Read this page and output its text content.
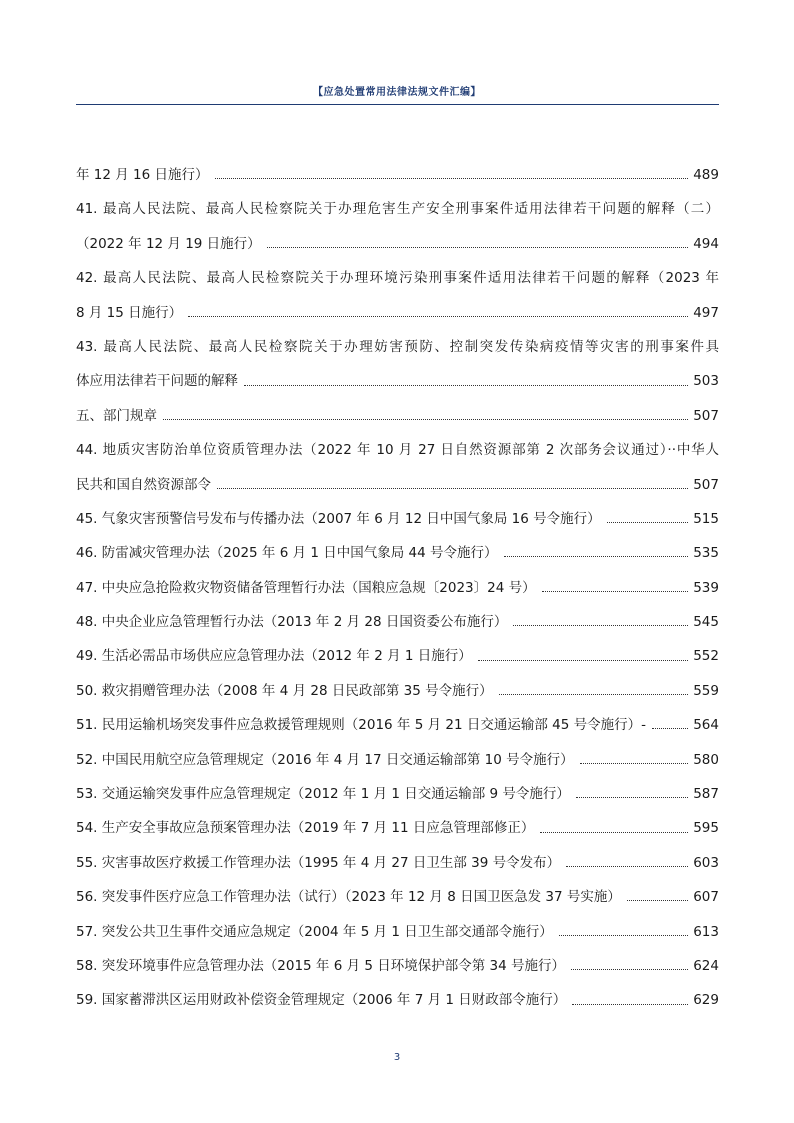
【应急处置常用法律法规文件汇编】
年 12 月 16 日施行）	489
41. 最高人民法院、最高人民检察院关于办理危害生产安全刑事案件适用法律若干问题的解释（二）
（2022 年 12 月 19 日施行）	494
42. 最高人民法院、最高人民检察院关于办理环境污染刑事案件适用法律若干问题的解释（2023 年
8 月 15 日施行）	497
43. 最高人民法院、最高人民检察院关于办理妨害预防、控制突发传染病疫情等灾害的刑事案件具
体应用法律若干问题的解释	503
五、部门规章	507
44. 地质灾害防治单位资质管理办法（2022 年 10 月 27 日自然资源部第 2 次部务会议通过）··中华人
民共和国自然资源部令	507
45. 气象灾害预警信号发布与传播办法（2007 年 6 月 12 日中国气象局 16 号令施行）	515
46. 防雷减灾管理办法（2025 年 6 月 1 日中国气象局 44 号令施行）	535
47. 中央应急抢险救灾物资储备管理暂行办法（国粮应急规〔2023〕24 号）	539
48. 中央企业应急管理暂行办法（2013 年 2 月 28 日国资委公布施行）	545
49. 生活必需品市场供应应急管理办法（2012 年 2 月 1 日施行）	552
50. 救灾捐赠管理办法（2008 年 4 月 28 日民政部第 35 号令施行）	559
51. 民用运输机场突发事件应急救援管理规则（2016 年 5 月 21 日交通运输部 45 号令施行）-	564
52. 中国民用航空应急管理规定（2016 年 4 月 17 日交通运输部第 10 号令施行）	580
53. 交通运输突发事件应急管理规定（2012 年 1 月 1 日交通运输部 9 号令施行）	587
54. 生产安全事故应急预案管理办法（2019 年 7 月 11 日应急管理部修正）	595
55. 灾害事故医疗救援工作管理办法（1995 年 4 月 27 日卫生部 39 号令发布）	603
56. 突发事件医疗应急工作管理办法（试行）（2023 年 12 月 8 日国卫医急发 37 号实施）	607
57. 突发公共卫生事件交通应急规定（2004 年 5 月 1 日卫生部交通部令施行）	613
58. 突发环境事件应急管理办法（2015 年 6 月 5 日环境保护部令第 34 号施行）	624
59. 国家蓄滞洪区运用财政补偿资金管理规定（2006 年 7 月 1 日财政部令施行）	629
3
